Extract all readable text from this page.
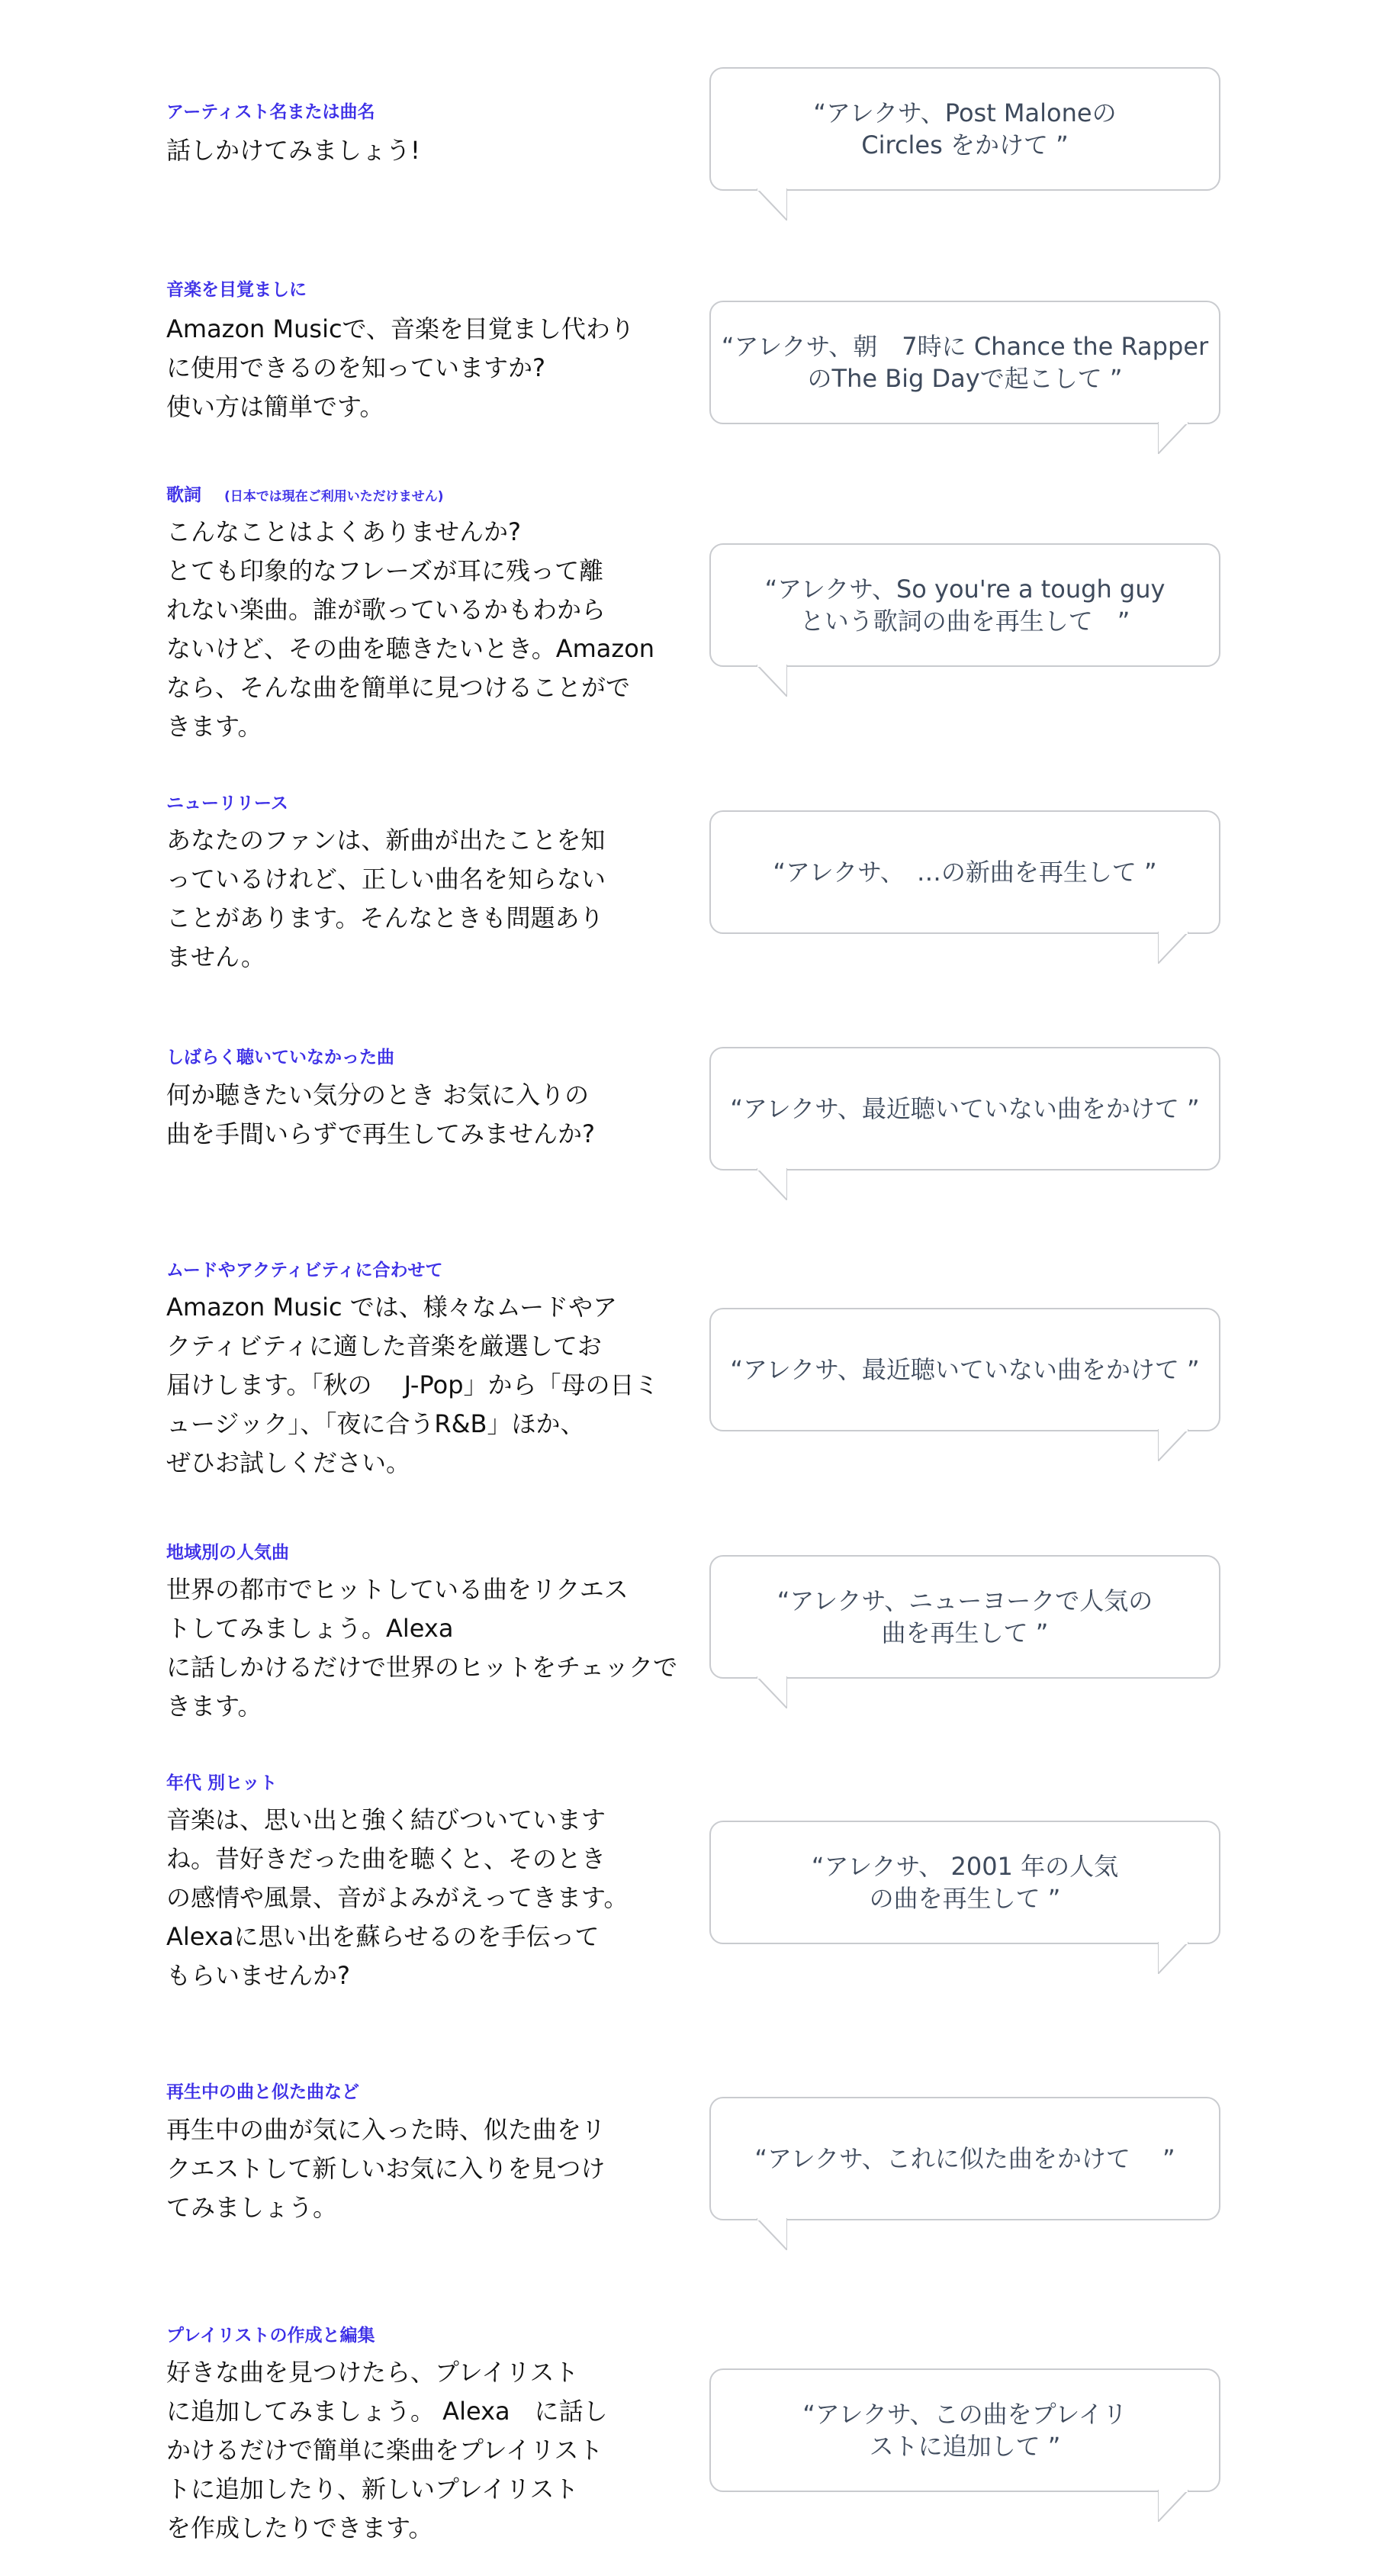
アーティスト名または曲名

話しかけてみましょう!

“アレクサ、Post Maloneの
Circles をかけて ”
音楽を目覚ましに

Amazon Musicで、音楽を目覚まし代わり
に使用できるのを知っていますか?
使い方は簡単です。

“アレクサ、朝　7時に Chance the Rapper
のThe Big Dayで起こして ”
歌詞 (日本では現在ご利用いただけません)

こんなことはよくありませんか?
とても印象的なフレーズが耳に残って離
れない楽曲。誰が歌っているかもわから
ないけど、その曲を聴きたいとき。Amazon
なら、そんな曲を簡単に見つけることがで
きます。

“アレクサ、So you're a tough guy
という歌詞の曲を再生して　”
ニューリリース

あなたのファンは、新曲が出たことを知
っているけれど、正しい曲名を知らない
ことがあります。そんなときも問題あり
ません。

“アレクサ、　…の新曲を再生して ”
しばらく聴いていなかった曲

何か聴きたい気分のとき お気に入りの
曲を手間いらずで再生してみませんか?

“アレクサ、最近聴いていない曲をかけて ”
ムードやアクティビティに合わせて

Amazon Music では、様々なムードやア
クティビティに適した音楽を厳選してお
届けします。「秋の　 J-Pop」から「母の日ミ
ュージック」、「夜に合うR&B」ほか、
ぜひお試しください。

“アレクサ、最近聴いていない曲をかけて ”
地域別の人気曲

世界の都市でヒットしている曲をリクエス
トしてみましょう。Alexa
に話しかけるだけで世界のヒットをチェックで
きます。

“アレクサ、ニューヨークで人気の
曲を再生して ”
年代 別ヒット

音楽は、思い出と強く結びついています
ね。昔好きだった曲を聴くと、そのとき
の感情や風景、音がよみがえってきます。
Alexaに思い出を蘇らせるのを手伝って
もらいませんか?

“アレクサ、 2001 年の人気
の曲を再生して ”
再生中の曲と似た曲など

再生中の曲が気に入った時、似た曲をリ
クエストして新しいお気に入りを見つけ
てみましょう。

“アレクサ、これに似た曲をかけて　 ”
プレイリストの作成と編集

好きな曲を見つけたら、プレイリスト
に追加してみましょう。 Alexa　に話し
かけるだけで簡単に楽曲をプレイリスト
トに追加したり、新しいプレイリスト
を作成したりできます。

“アレクサ、この曲をプレイリ
ストに追加して ”
